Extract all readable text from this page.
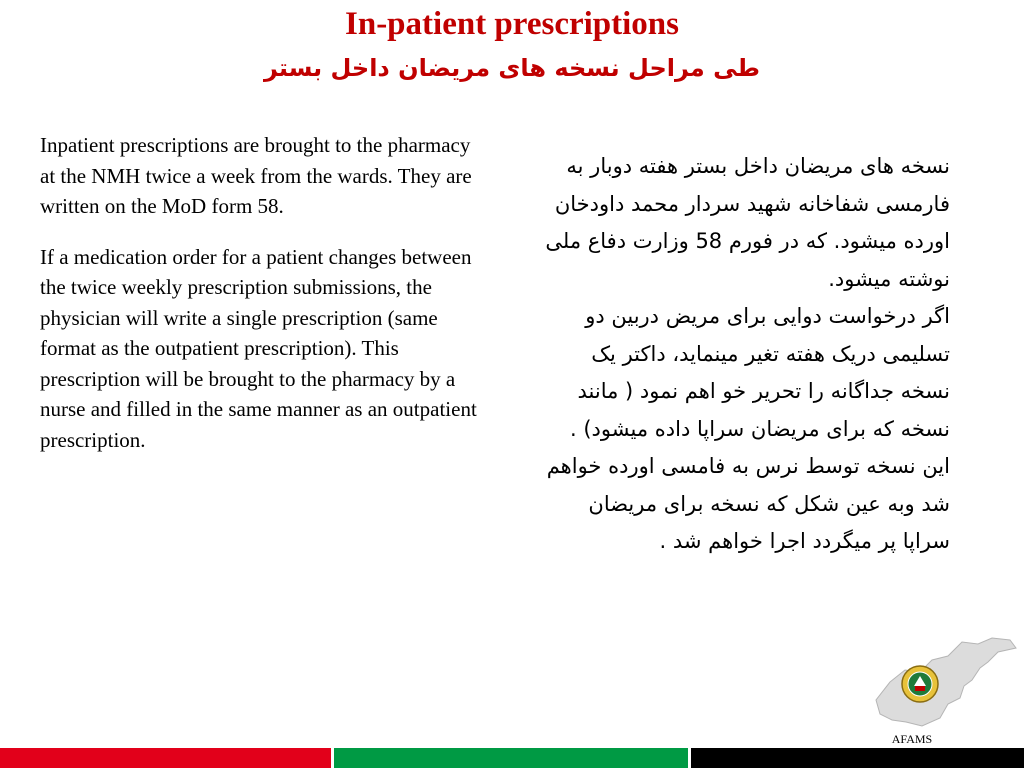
In-patient prescriptions
طی مراحل نسخه های مریضان داخل بستر

Inpatient prescriptions are brought to the pharmacy at the NMH twice a week from the wards. They are written on the MoD form 58.

If a medication order for a patient changes between the twice weekly prescription submissions, the physician will write a single prescription (same format as the outpatient prescription). This prescription will be brought to the pharmacy by a nurse and filled in the same manner as an outpatient prescription.

نسخه های مریضان داخل بستر هفته دوبار به فارمسی شفاخانه شهید سردار محمد داودخان اورده میشود. که در فورم 58 وزارت دفاع ملی نوشته میشود.

اگر درخواست دوایی برای مریض دربین دو تسلیمی دریک هفته تغیر مینماید، داکتر یک نسخه جداگانه را تحریر خو اهم نمود ( مانند نسخه که برای مریضان سراپا داده میشود) . این نسخه توسط نرس به فامسی اورده خواهم شد وبه عین شکل که نسخه برای مریضان سراپا پر میگردد اجرا خواهم شد .

AFAMS
